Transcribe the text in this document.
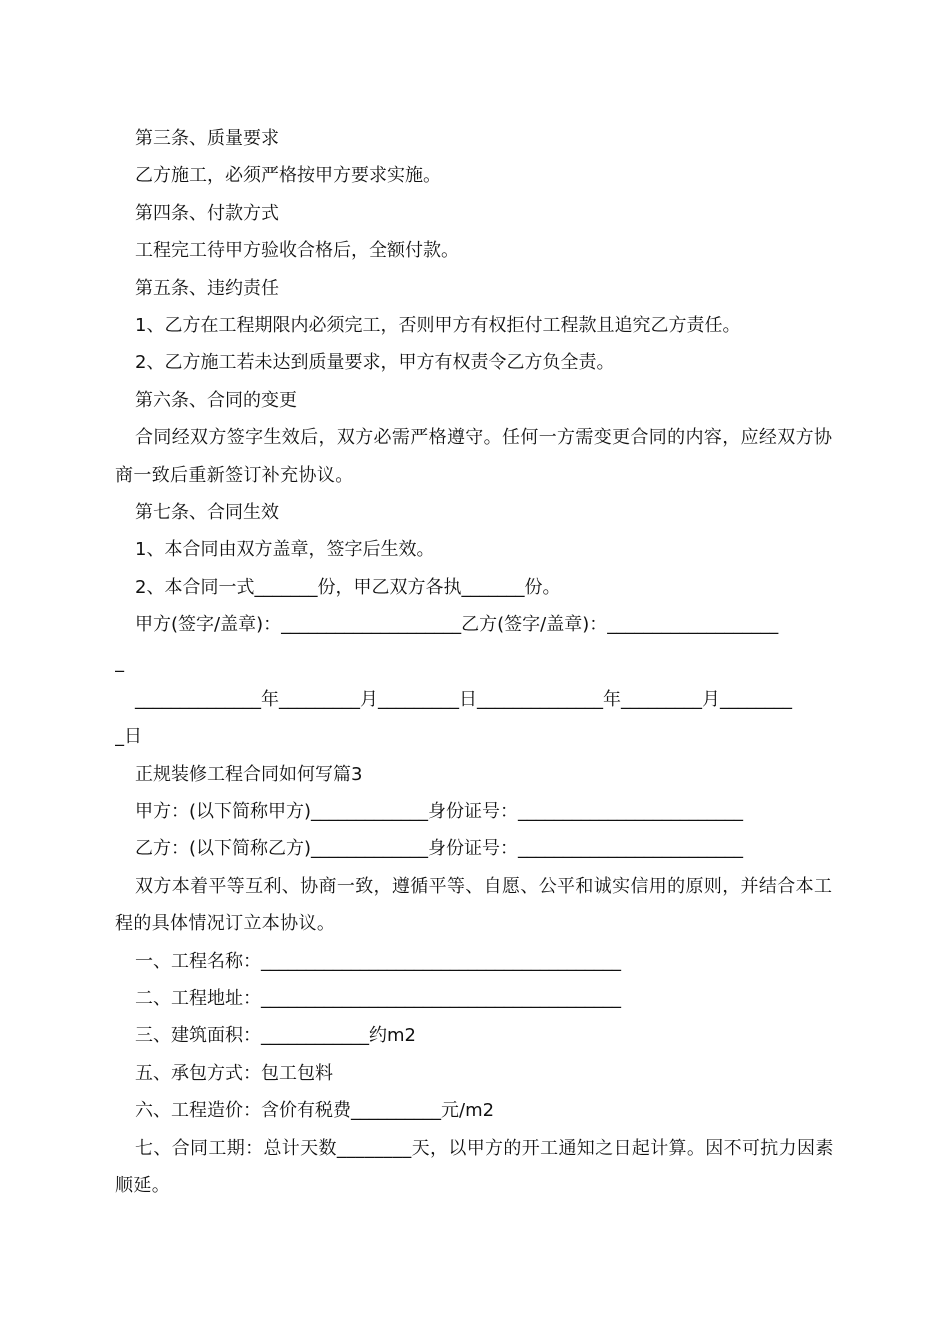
第三条、质量要求
乙方施工，必须严格按甲方要求实施。
第四条、付款方式
工程完工待甲方验收合格后，全额付款。
第五条、违约责任
1、乙方在工程期限内必须完工，否则甲方有权拒付工程款且追究乙方责任。
2、乙方施工若未达到质量要求，甲方有权责令乙方负全责。
第六条、合同的变更
合同经双方签字生效后，双方必需严格遵守。任何一方需变更合同的内容，应经双方协商一致后重新签订补充协议。
第七条、合同生效
1、本合同由双方盖章，签字后生效。
2、本合同一式_______份，甲乙双方各执_______份。
甲方(签字/盖章)：____________________乙方(签字/盖章)：___________________
_
______________年_________月_________日______________年_________月________
_日
正规装修工程合同如何写篇3
甲方：(以下简称甲方)_____________身份证号：_________________________
乙方：(以下简称乙方)_____________身份证号：_________________________
双方本着平等互利、协商一致，遵循平等、自愿、公平和诚实信用的原则，并结合本工程的具体情况订立本协议。
一、工程名称：________________________________________
二、工程地址：________________________________________
三、建筑面积：____________约m2
五、承包方式：包工包料
六、工程造价：含价有税费__________元/m2
七、合同工期：总计天数________天，以甲方的开工通知之日起计算。因不可抗力因素顺延。
